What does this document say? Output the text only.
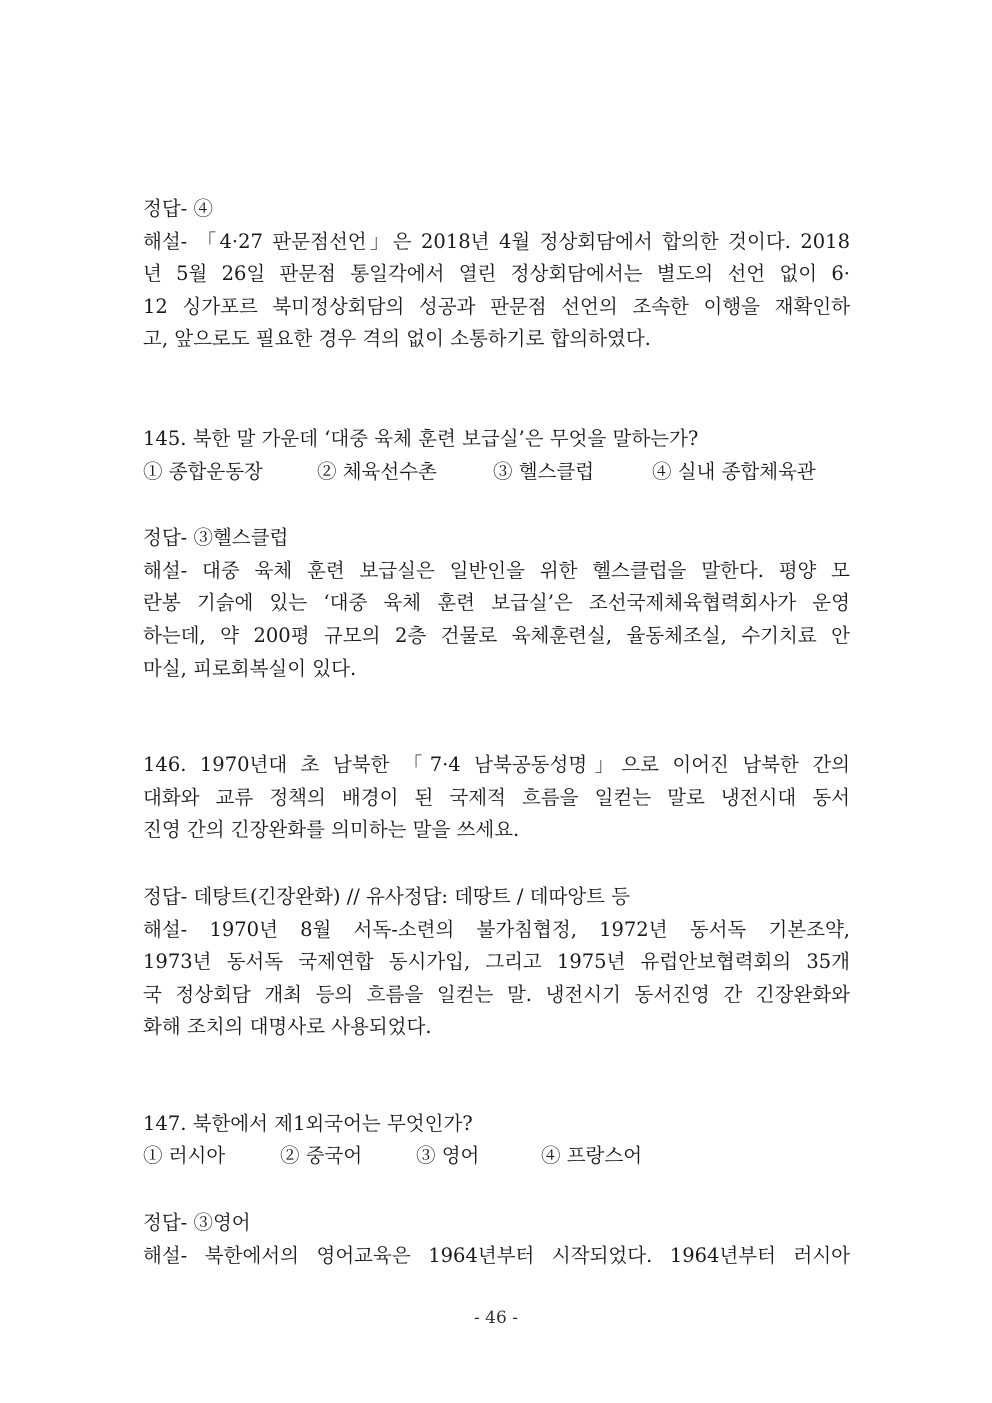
정답- ④
해설- 「4·27 판문점선언」은 2018년 4월 정상회담에서 합의한 것이다. 2018
년 5월 26일 판문점 통일각에서 열린 정상회담에서는 별도의 선언 없이 6·
12 싱가포르 북미정상회담의 성공과 판문점 선언의 조속한 이행을 재확인하
고, 앞으로도 필요한 경우 격의 없이 소통하기로 합의하였다.
145. 북한 말 가운데 ‘대중 육체 훈련 보급실’은 무엇을 말하는가?
① 종합운동장	② 체육선수촌	③ 헬스클럽	④ 실내 종합체육관
정답- ③헬스클럽
해설- 대중 육체 훈련 보급실은 일반인을 위한 헬스클럽을 말한다. 평양 모
란봉 기슭에 있는 ‘대중 육체 훈련 보급실’은 조선국제체육협력회사가 운영
하는데, 약 200평 규모의 2층 건물로 육체훈련실, 율동체조실, 수기치료 안
마실, 피로회복실이 있다.
146. 1970년대 초 남북한 「7·4 남북공동성명」으로 이어진 남북한 간의
대화와 교류 정책의 배경이 된 국제적 흐름을 일컫는 말로 냉전시대 동서
진영 간의 긴장완화를 의미하는 말을 쓰세요.
정답- 데탕트(긴장완화) // 유사정답: 데땅트 / 데따앙트 등
해설- 1970년 8월 서독-소련의 불가침협정, 1972년 동서독 기본조약,
1973년 동서독 국제연합 동시가입, 그리고 1975년 유럽안보협력회의 35개
국 정상회담 개최 등의 흐름을 일컫는 말. 냉전시기 동서진영 간 긴장완화와
화해 조치의 대명사로 사용되었다.
147. 북한에서 제1외국어는 무엇인가?
① 러시아	② 중국어	③ 영어	④ 프랑스어
정답- ③영어
해설- 북한에서의 영어교육은 1964년부터 시작되었다. 1964년부터 러시아
- 46 -
